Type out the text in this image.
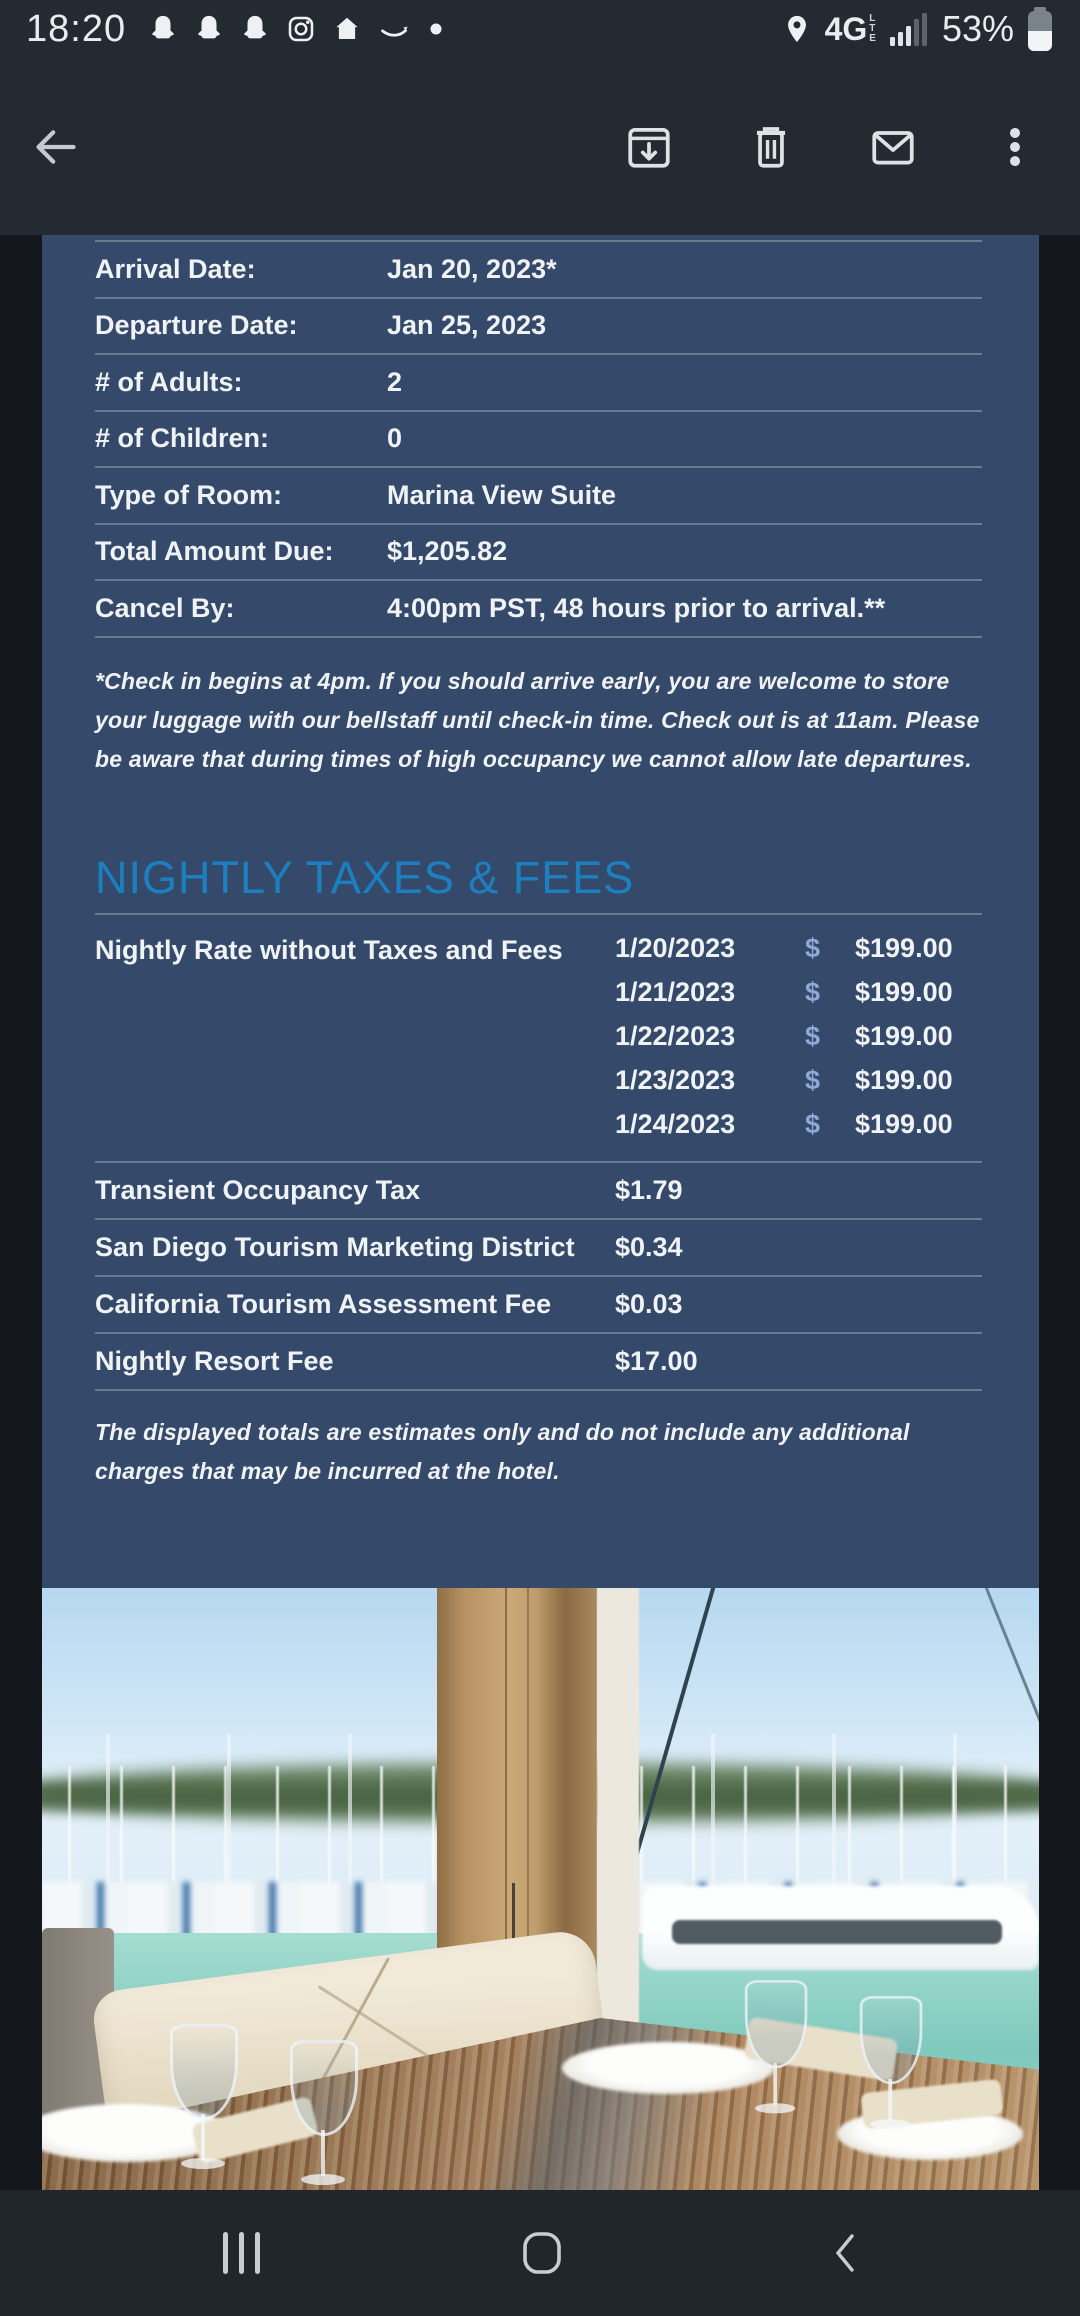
18:20	4G L
T
E 53%
Arrival Date:	Jan 20, 2023*
Departure Date:	Jan 25, 2023
# of Adults:	2
# of Children:	0
Type of Room:	Marina View Suite
Total Amount Due:	$1,205.82
Cancel By:	4:00pm PST, 48 hours prior to arrival.**

*Check in begins at 4pm. If you should arrive early, you are welcome to store your luggage with our bellstaff until check-in time. Check out is at 11am. Please be aware that during times of high occupancy we cannot allow late departures.

NIGHTLY TAXES & FEES
Nightly Rate without Taxes and Fees	1/20/2023	$	$199.00
1/21/2023	$	$199.00
1/22/2023	$	$199.00
1/23/2023	$	$199.00
1/24/2023	$	$199.00
Transient Occupancy Tax	$1.79
San Diego Tourism Marketing District	$0.34
California Tourism Assessment Fee	$0.03
Nightly Resort Fee	$17.00

The displayed totals are estimates only and do not include any additional charges that may be incurred at the hotel.
